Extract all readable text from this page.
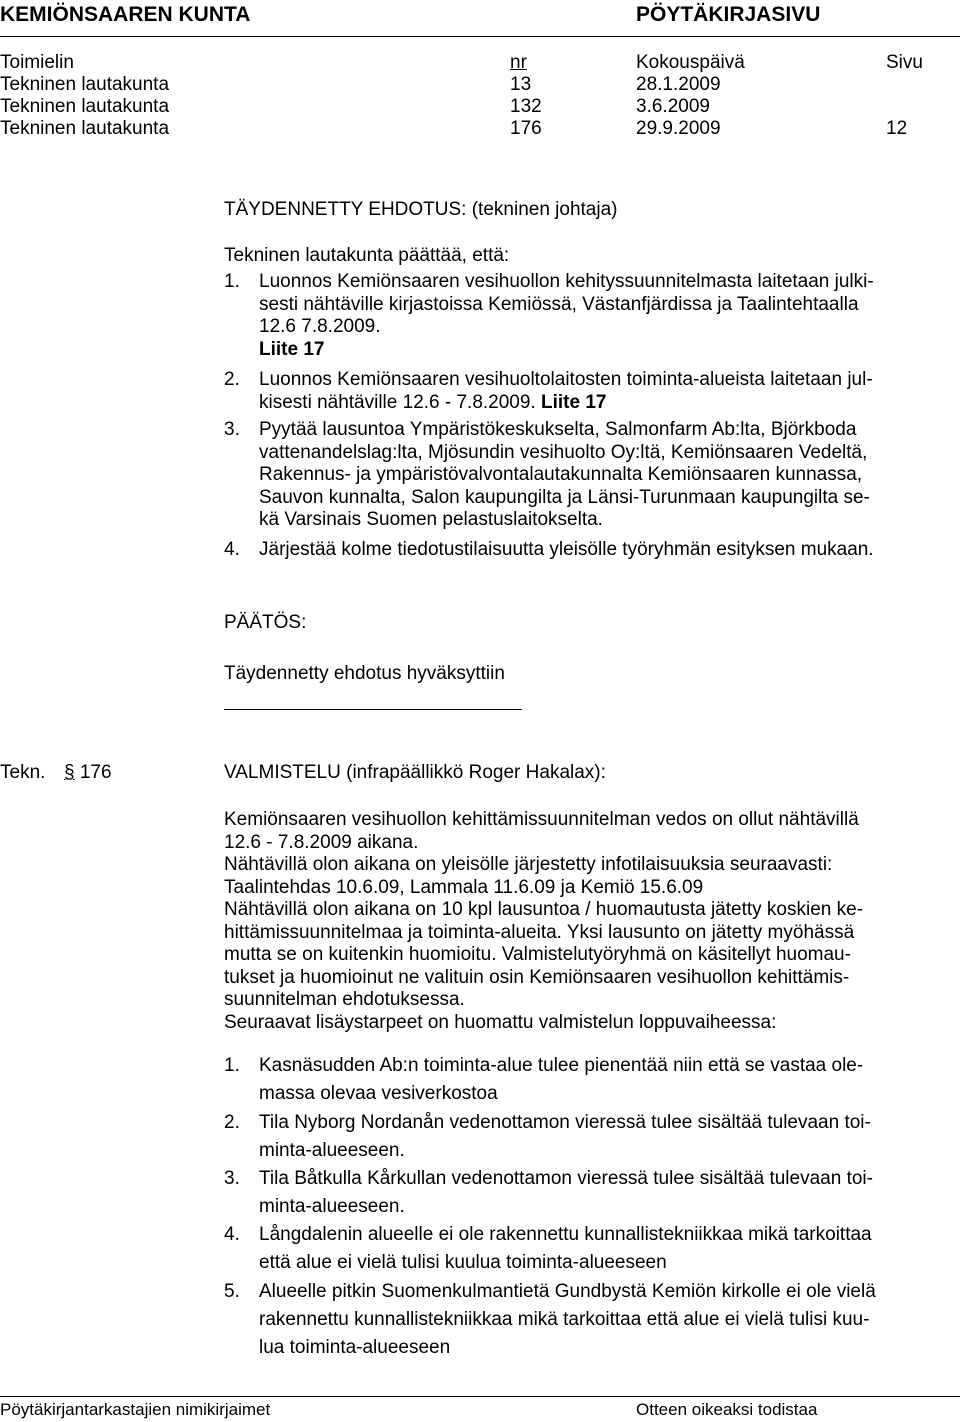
KEMIÖNSAAREN KUNTA	PÖYTÄKIRJASIVU
Toimielin	nr	Kokouspäivä	Sivu
Tekninen lautakunta	13	28.1.2009
Tekninen lautakunta	132	3.6.2009
Tekninen lautakunta	176	29.9.2009	12
TÄYDENNETTY EHDOTUS: (tekninen johtaja)
Tekninen lautakunta päättää, että:
1. Luonnos Kemiönsaaren vesihuollon kehityssuunnitelmasta laitetaan julki-
sesti nähtäville kirjastoissa Kemiössä, Västanfjärdissa ja Taalintehtaalla
12.6 7.8.2009.
Liite 17
2. Luonnos Kemiönsaaren vesihuoltolaitosten toiminta-alueista laitetaan jul-
kisesti nähtäville 12.6 - 7.8.2009. Liite 17
3. Pyytää lausuntoa Ympäristökeskukselta, Salmonfarm Ab:lta, Björkboda
vattenandelslag:lta, Mjösundin vesihuolto Oy:ltä, Kemiönsaaren Vedeltä,
Rakennus- ja ympäristövalvontalautakunnalta Kemiönsaaren kunnassa,
Sauvon kunnalta, Salon kaupungilta ja Länsi-Turunmaan kaupungilta se-
kä Varsinais Suomen pelastuslaitokselta.
4. Järjestää kolme tiedotustilaisuutta yleisölle työryhmän esityksen mukaan.
PÄÄTÖS:
Täydennetty ehdotus hyväksyttiin
Tekn. § 176	VALMISTELU (infrapäällikkö Roger Hakalax):
Kemiönsaaren vesihuollon kehittämissuunnitelman vedos on ollut nähtävillä
12.6 - 7.8.2009 aikana.
Nähtävillä olon aikana on yleisölle järjestetty infotilaisuuksia seuraavasti:
Taalintehdas 10.6.09, Lammala 11.6.09 ja Kemiö 15.6.09
Nähtävillä olon aikana on 10 kpl lausuntoa / huomautusta jätetty koskien ke-
hittämissuunnitelmaa ja toiminta-alueita. Yksi lausunto on jätetty myöhässä
mutta se on kuitenkin huomioitu. Valmistelutyöryhmä on käsitellyt huomau-
tukset ja huomioinut ne valituin osin Kemiönsaaren vesihuollon kehittämis-
suunnitelman ehdotuksessa.
Seuraavat lisäystarpeet on huomattu valmistelun loppuvaiheessa:
1. Kasnäsudden Ab:n toiminta-alue tulee pienentää niin että se vastaa ole-
massa olevaa vesiverkostoa
2. Tila Nyborg Nordanån vedenottamon vieressä tulee sisältää tulevaan toi-
minta-alueeseen.
3. Tila Båtkulla Kårkullan vedenottamon vieressä tulee sisältää tulevaan toi-
minta-alueeseen.
4. Långdalenin alueelle ei ole rakennettu kunnallistekniikkaa mikä tarkoittaa
että alue ei vielä tulisi kuulua toiminta-alueeseen
5. Alueelle pitkin Suomenkulmantietä Gundbystä Kemiön kirkolle ei ole vielä
rakennettu kunnallistekniikkaa mikä tarkoittaa että alue ei vielä tulisi kuu-
lua toiminta-alueeseen
Pöytäkirjantarkastajien nimikirjaimet	Otteen oikeaksi todistaa
